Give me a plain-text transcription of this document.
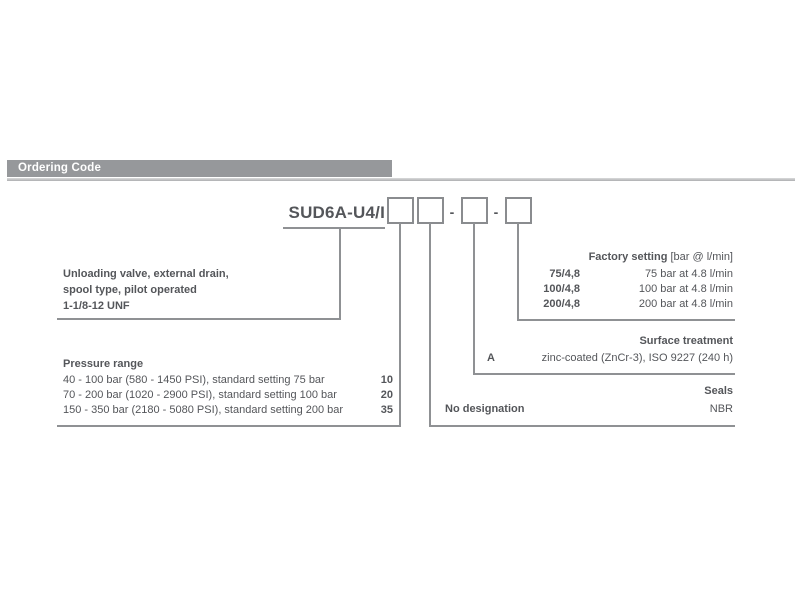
Ordering Code
SUD6A-U4/I	-	-
Unloading valve, external drain,
spool type, pilot operated
1-1/8-12 UNF
Factory setting [bar @ l/min]
75/4,8	75 bar at 4.8 l/min
100/4,8	100 bar at 4.8 l/min
200/4,8	200 bar at 4.8 l/min
Surface treatment
A	zinc-coated (ZnCr-3), ISO 9227 (240 h)
Seals
No designation	NBR
Pressure range
40 - 100 bar (580 - 1450 PSI), standard setting 75 bar	10
70 - 200 bar (1020 - 2900 PSI), standard setting 100 bar	20
150 - 350 bar (2180 - 5080 PSI), standard setting 200 bar	35
